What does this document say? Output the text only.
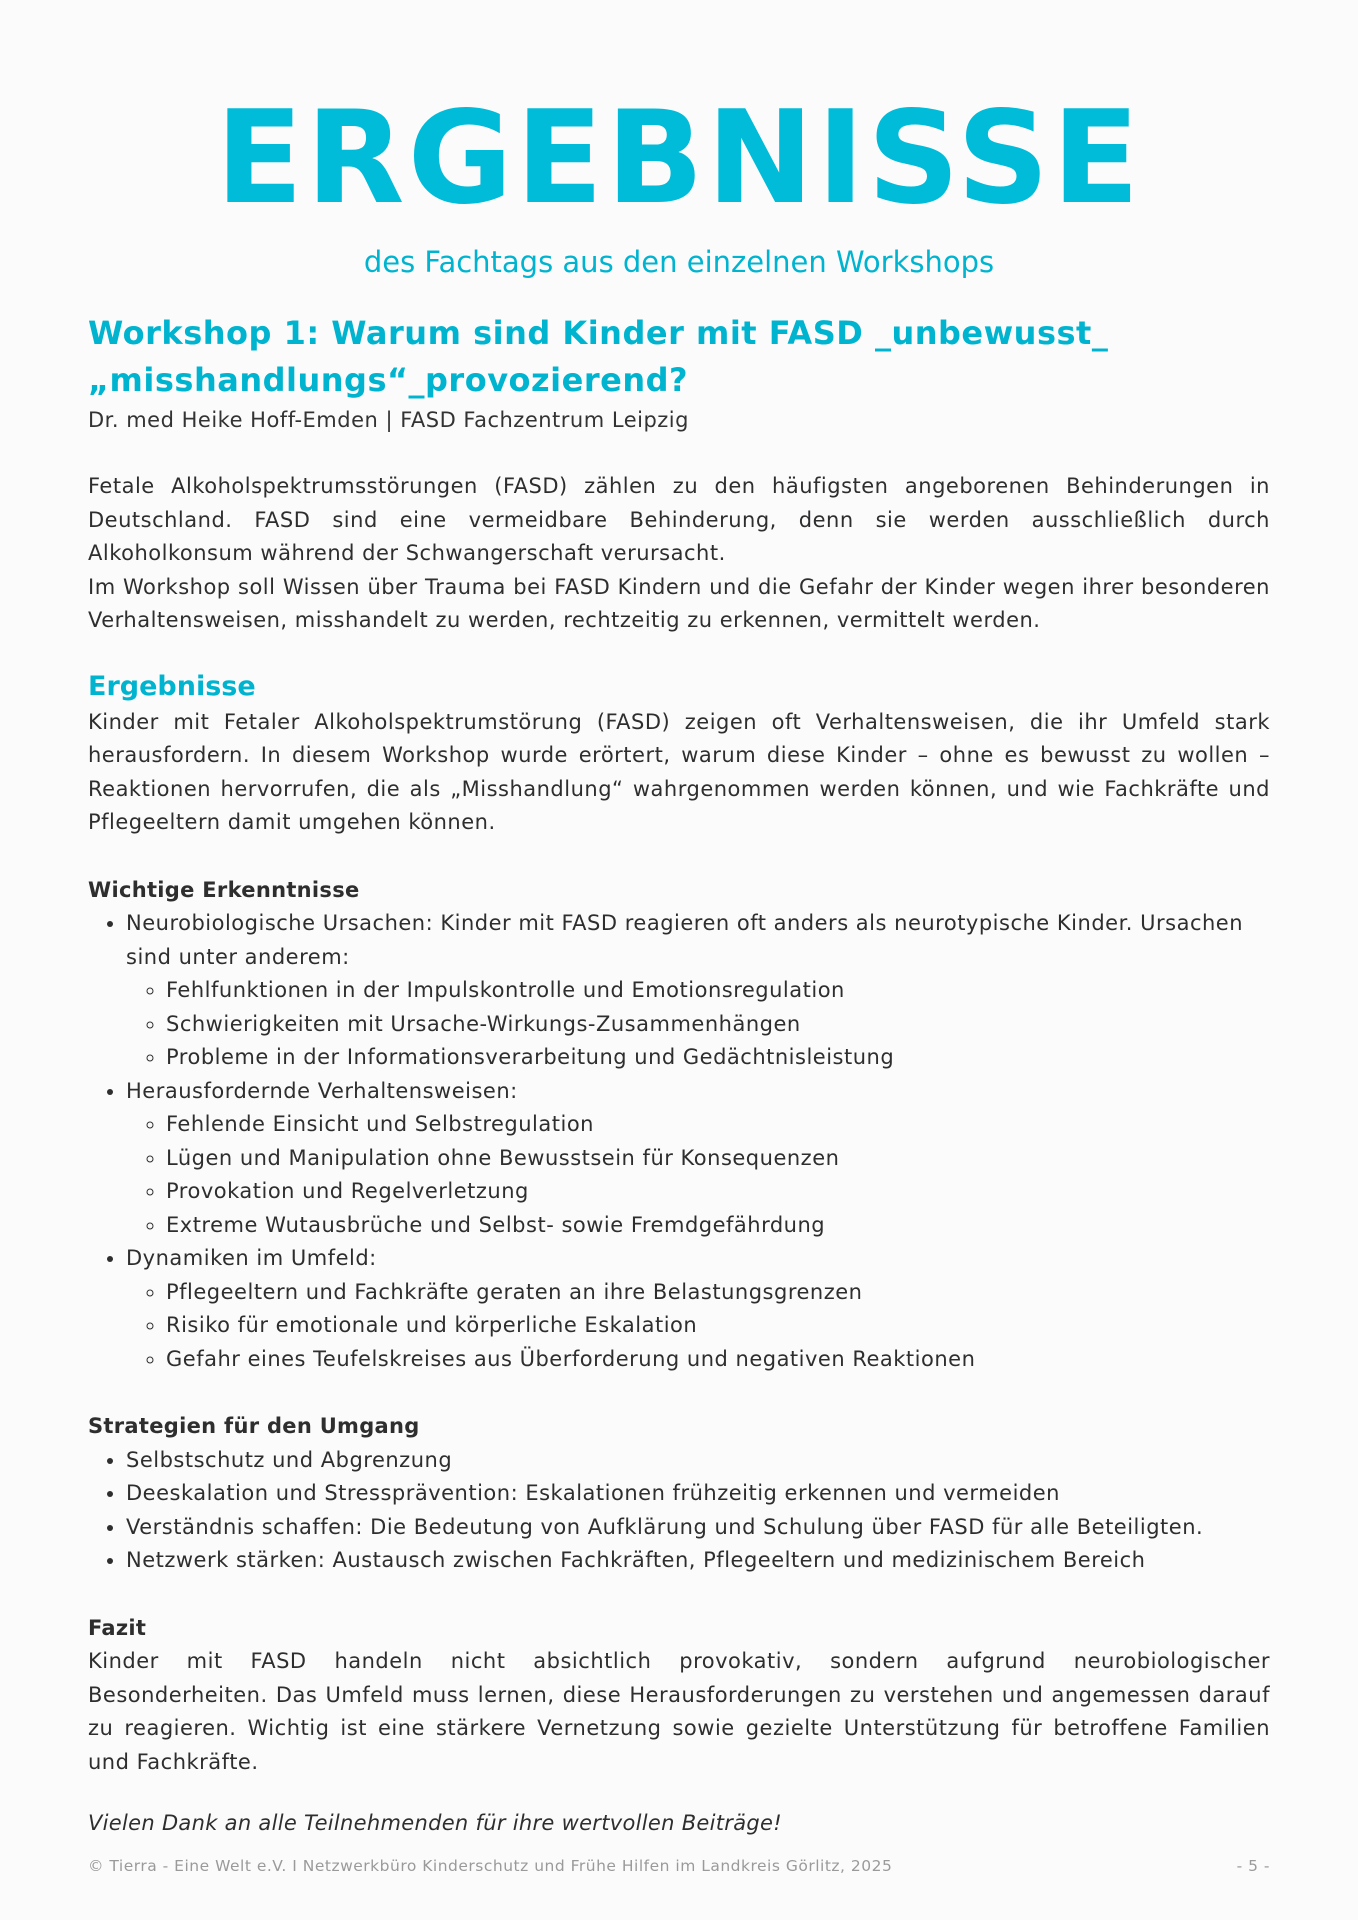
ERGEBNISSE

des Fachtags aus den einzelnen Workshops

Workshop 1: Warum sind Kinder mit FASD _unbewusst_
„misshandlungs“_provozierend?

Dr. med Heike Hoff-Emden | FASD Fachzentrum Leipzig

Fetale Alkoholspektrumsstörungen (FASD) zählen zu den häufigsten angeborenen Behinderungen in Deutschland. FASD sind eine vermeidbare Behinderung, denn sie werden ausschließlich durch Alkoholkonsum während der Schwangerschaft verursacht.

Im Workshop soll Wissen über Trauma bei FASD Kindern und die Gefahr der Kinder wegen ihrer besonderen Verhaltensweisen, misshandelt zu werden, rechtzeitig zu erkennen, vermittelt werden.

Ergebnisse

Kinder mit Fetaler Alkoholspektrumstörung (FASD) zeigen oft Verhaltensweisen, die ihr Umfeld stark herausfordern. In diesem Workshop wurde erörtert, warum diese Kinder – ohne es bewusst zu wollen – Reaktionen hervorrufen, die als „Misshandlung“ wahrgenommen werden können, und wie Fachkräfte und Pflegeeltern damit umgehen können.

Wichtige Erkenntnisse

• Neurobiologische Ursachen: Kinder mit FASD reagieren oft anders als neurotypische Kinder. Ursachen sind unter anderem:
◦ Fehlfunktionen in der Impulskontrolle und Emotionsregulation
◦ Schwierigkeiten mit Ursache-Wirkungs-Zusammenhängen
◦ Probleme in der Informationsverarbeitung und Gedächtnisleistung
• Herausfordernde Verhaltensweisen:
◦ Fehlende Einsicht und Selbstregulation
◦ Lügen und Manipulation ohne Bewusstsein für Konsequenzen
◦ Provokation und Regelverletzung
◦ Extreme Wutausbrüche und Selbst- sowie Fremdgefährdung
• Dynamiken im Umfeld:
◦ Pflegeeltern und Fachkräfte geraten an ihre Belastungsgrenzen
◦ Risiko für emotionale und körperliche Eskalation
◦ Gefahr eines Teufelskreises aus Überforderung und negativen Reaktionen

Strategien für den Umgang

• Selbstschutz und Abgrenzung
• Deeskalation und Stressprävention: Eskalationen frühzeitig erkennen und vermeiden
• Verständnis schaffen: Die Bedeutung von Aufklärung und Schulung über FASD für alle Beteiligten.
• Netzwerk stärken: Austausch zwischen Fachkräften, Pflegeeltern und medizinischem Bereich

Fazit

Kinder mit FASD handeln nicht absichtlich provokativ, sondern aufgrund neurobiologischer Besonderheiten. Das Umfeld muss lernen, diese Herausforderungen zu verstehen und angemessen darauf zu reagieren. Wichtig ist eine stärkere Vernetzung sowie gezielte Unterstützung für betroffene Familien und Fachkräfte.

Vielen Dank an alle Teilnehmenden für ihre wertvollen Beiträge!

© Tierra - Eine Welt e.V. I Netzwerkbüro Kinderschutz und Frühe Hilfen im Landkreis Görlitz, 2025	- 5 -
